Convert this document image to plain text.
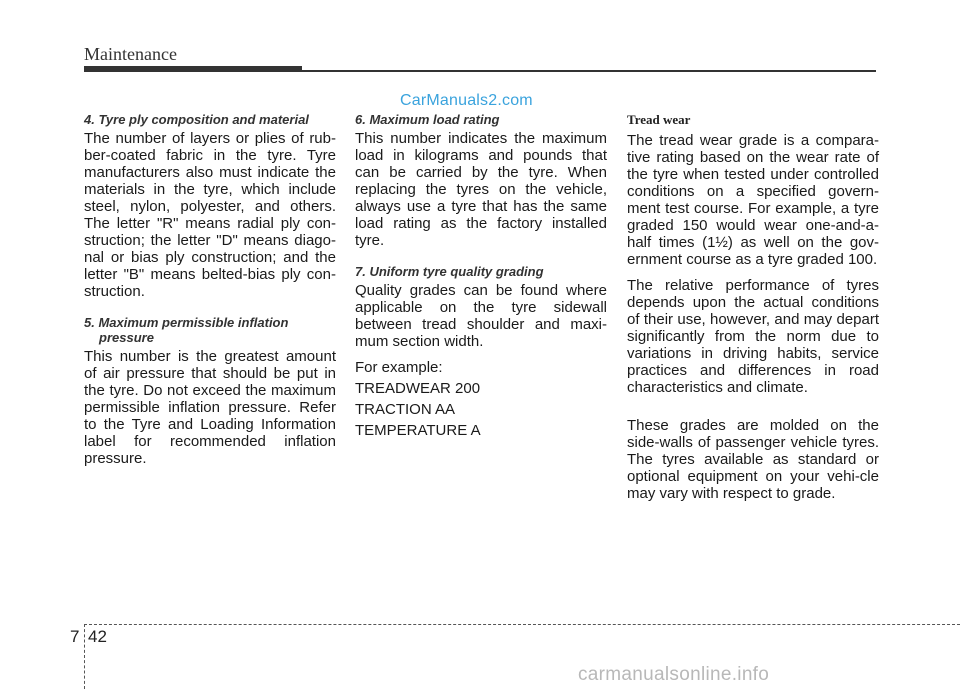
Maintenance
CarManuals2.com

4. Tyre ply composition and material

The number of layers or plies of rub-ber-coated fabric in the tyre. Tyre manufacturers also must indicate the materials in the tyre, which include steel, nylon, polyester, and others. The letter "R" means radial ply con-struction; the letter "D" means diago-nal or bias ply construction; and the letter "B" means belted-bias ply con-struction.

5. Maximum permissible inflation pressure

This number is the greatest amount of air pressure that should be put in the tyre. Do not exceed the maximum permissible inflation pressure. Refer to the Tyre and Loading Information label for recommended inflation pressure.

6. Maximum load rating

This number indicates the maximum load in kilograms and pounds that can be carried by the tyre. When replacing the tyres on the vehicle, always use a tyre that has the same load rating as the factory installed tyre.

7. Uniform tyre quality grading

Quality grades can be found where applicable on the tyre sidewall between tread shoulder and maxi-mum section width.

For example:

TREADWEAR 200

TRACTION AA

TEMPERATURE A

Tread wear

The tread wear grade is a compara-tive rating based on the wear rate of the tyre when tested under controlled conditions on a specified govern-ment test course. For example, a tyre graded 150 would wear one-and-a-half times (1½) as well on the gov-ernment course as a tyre graded 100.

The relative performance of tyres depends upon the actual conditions of their use, however, and may depart significantly from the norm due to variations in driving habits, service practices and differences in road characteristics and climate.

These grades are molded on the side-walls of passenger vehicle tyres. The tyres available as standard or optional equipment on your vehi-cle may vary with respect to grade.

7 42
carmanualsonline.info
